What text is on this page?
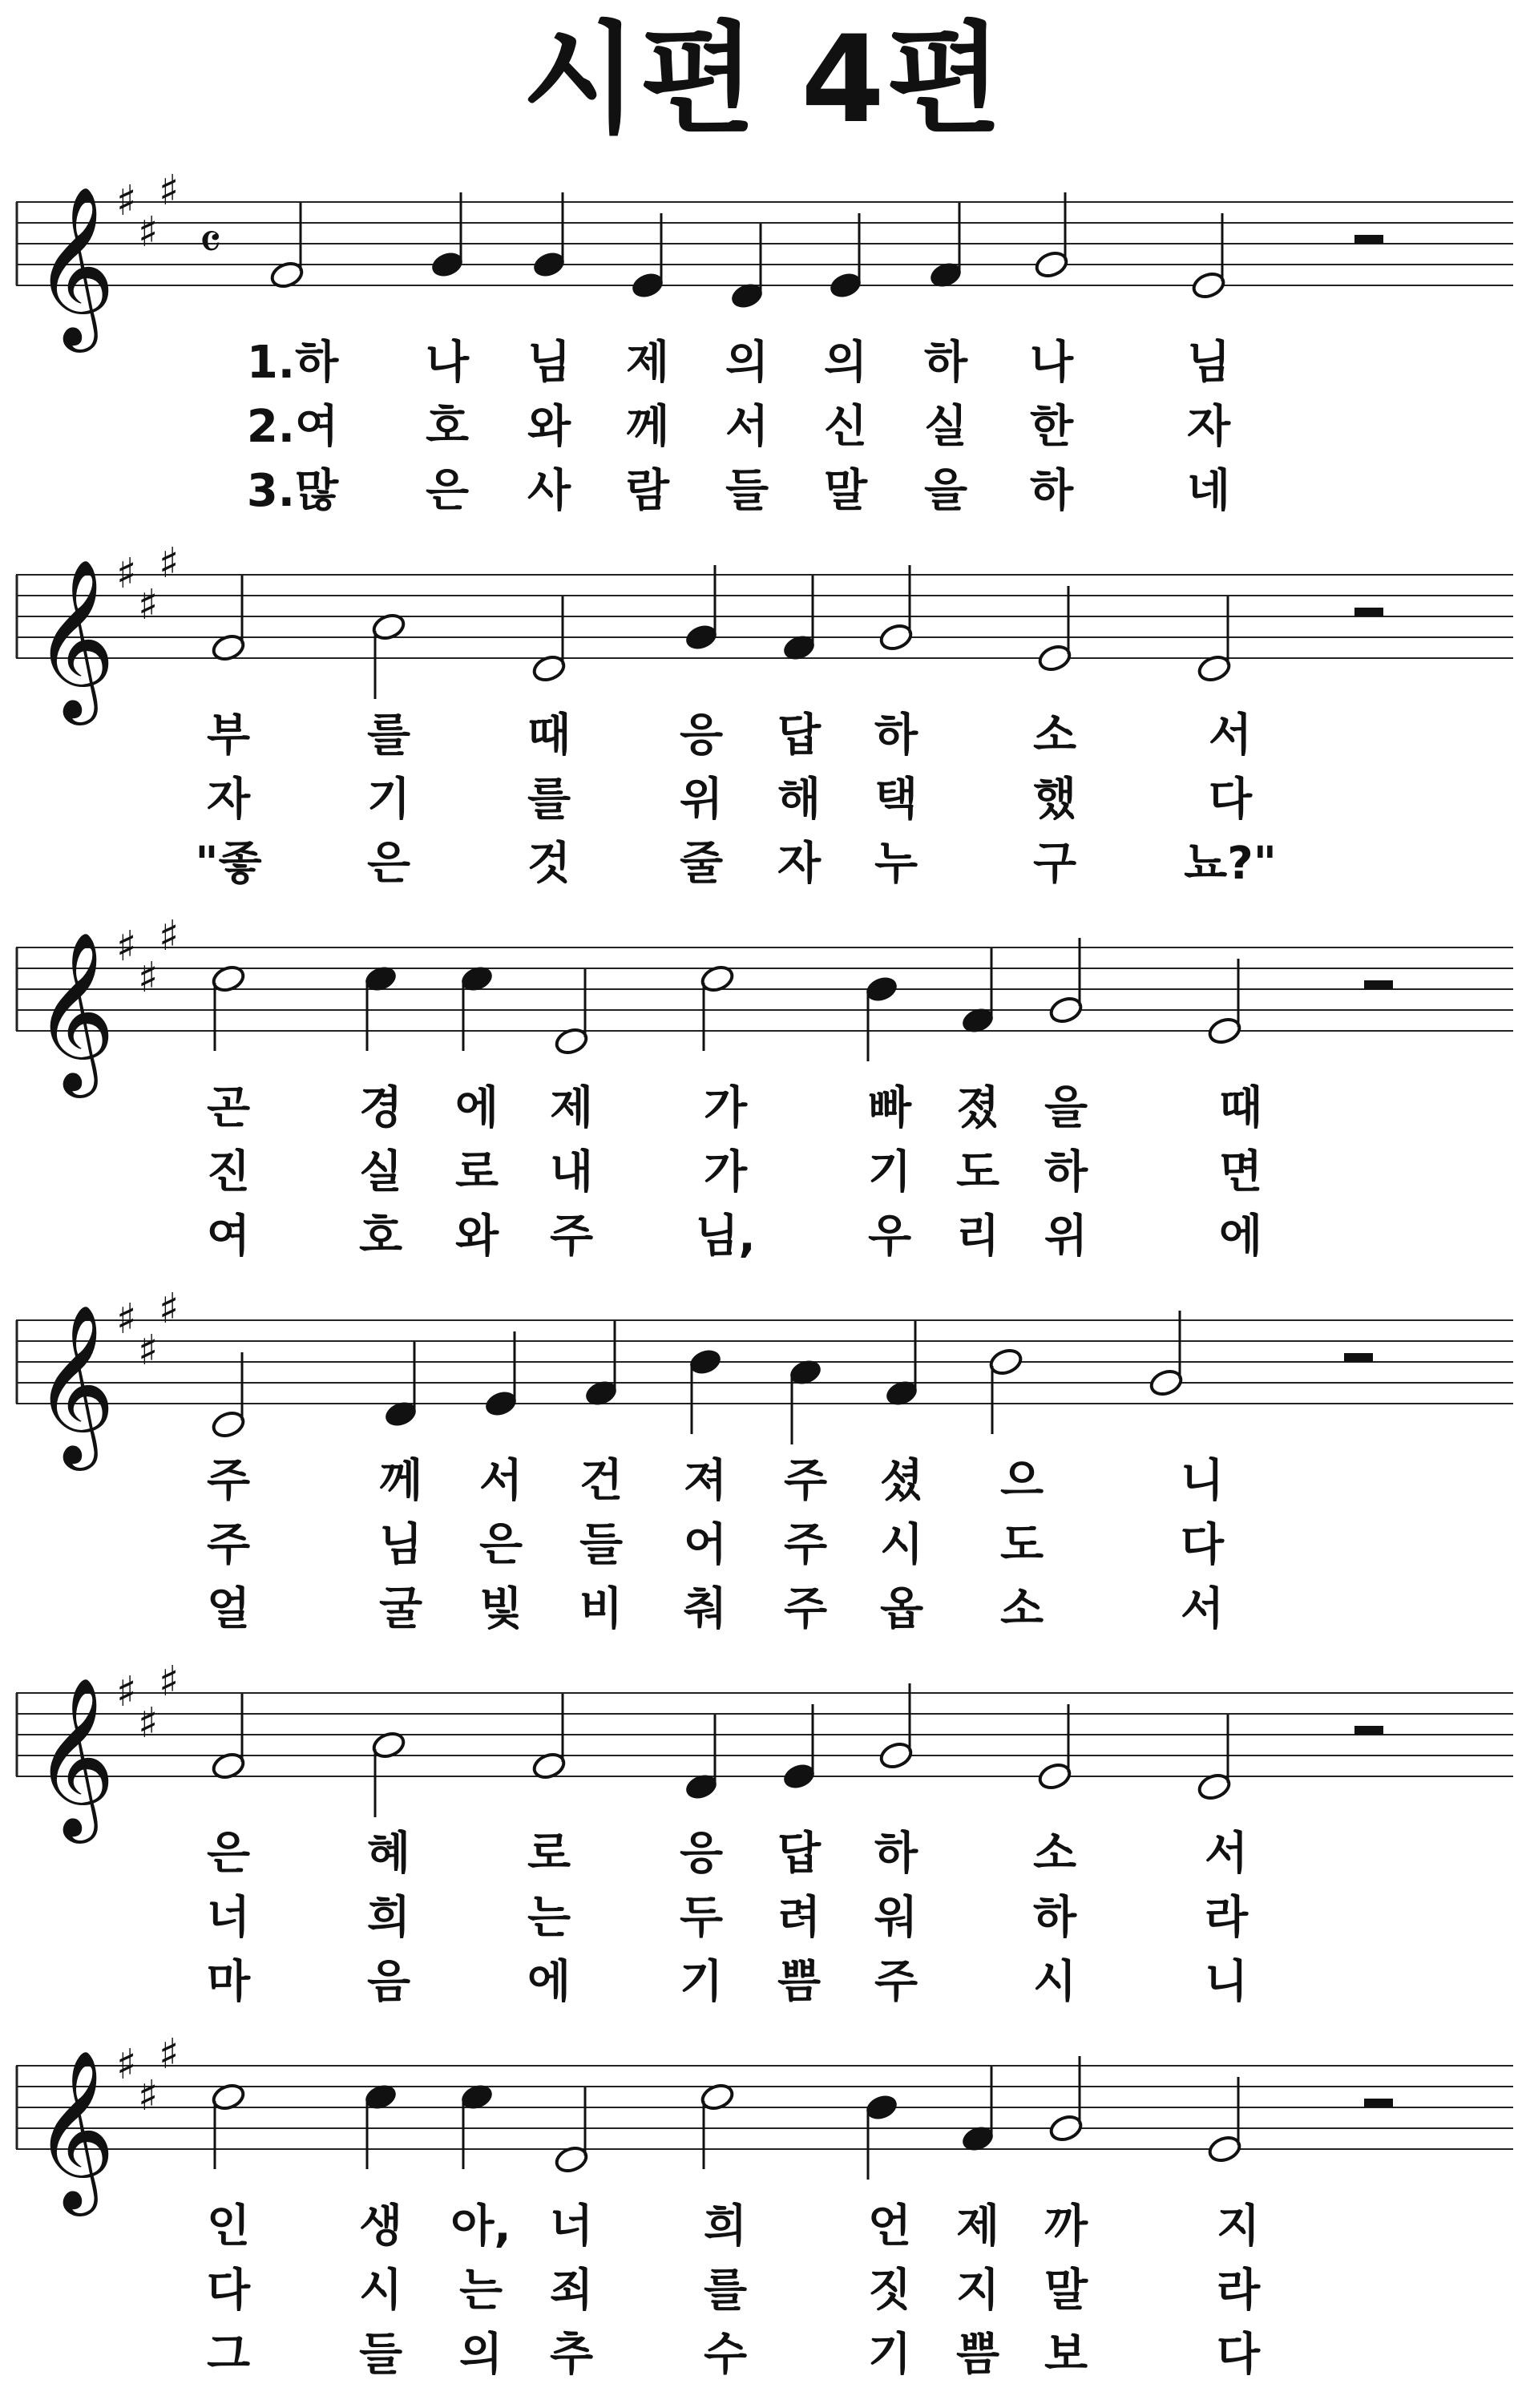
시편 4편
𝄞 ♯
♯
♯
𝄴
1.하 나 님 제 의 의 하 나	님
2.여 호 와 께 서 신 실 한	자
3.많 은 사 람 들 말 을 하	네
𝄞 ♯
♯
♯
부	를	때 응 답 하	소	서
자	기	를 위 해 택	했	다
"좋 은	것 줄 자 누	구 뇨?"
𝄞 ♯
♯
♯
곤 경 에 제 가	빠 졌 을	때
진 실 로 내 가	기 도 하	면
여 호 와 주 님,	우 리 위	에
𝄞 ♯
♯
♯
주	께 서 건 져 주 셨 으	니
주	님 은 들 어 주 시 도	다
얼	굴 빛 비 춰 주 옵 소	서
𝄞 ♯
♯
♯
은	혜	로 응 답 하	소	서
너	희	는 두 려 워	하	라
마	음	에 기 쁨 주	시	니
𝄞 ♯
♯
♯
인 생 아, 너 희	언 제 까	지
다 시 는 죄 를	짓 지 말	라
그 들 의 추 수	기 쁨 보	다
